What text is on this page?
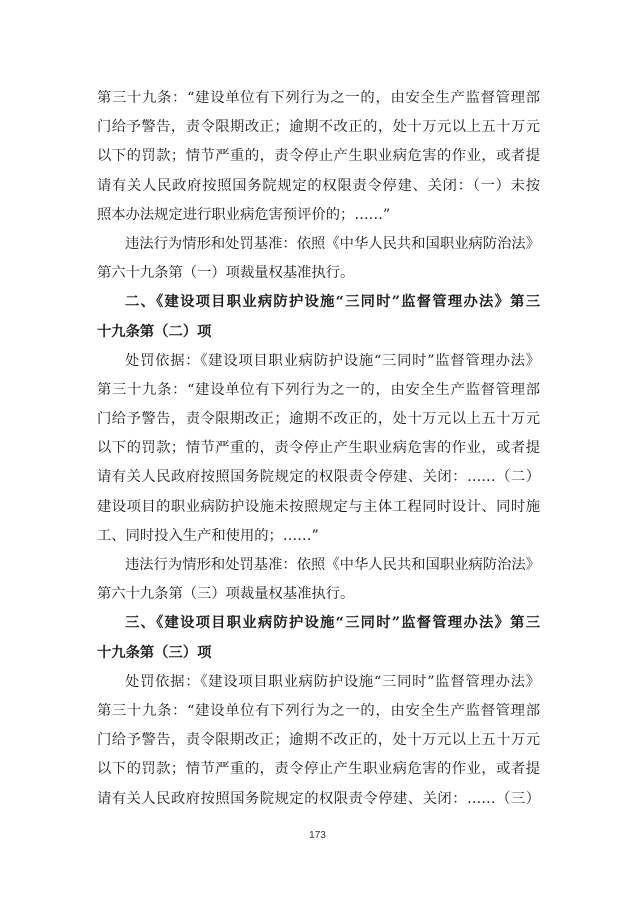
第三十九条：“建设单位有下列行为之一的，由安全生产监督管理部
门给予警告，责令限期改正；逾期不改正的，处十万元以上五十万元
以下的罚款；情节严重的，责令停止产生职业病危害的作业，或者提
请有关人民政府按照国务院规定的权限责令停建、关闭：（一）未按
照本办法规定进行职业病危害预评价的；……”
违法行为情形和处罚基准：依照《中华人民共和国职业病防治法》
第六十九条第（一）项裁量权基准执行。
二、《建设项目职业病防护设施“三同时”监督管理办法》第三
十九条第（二）项
处罚依据：《建设项目职业病防护设施“三同时”监督管理办法》
第三十九条：“建设单位有下列行为之一的，由安全生产监督管理部
门给予警告，责令限期改正；逾期不改正的，处十万元以上五十万元
以下的罚款；情节严重的，责令停止产生职业病危害的作业，或者提
请有关人民政府按照国务院规定的权限责令停建、关闭：……（二）
建设项目的职业病防护设施未按照规定与主体工程同时设计、同时施
工、同时投入生产和使用的；……”
违法行为情形和处罚基准：依照《中华人民共和国职业病防治法》
第六十九条第（三）项裁量权基准执行。
三、《建设项目职业病防护设施“三同时”监督管理办法》第三
十九条第（三）项
处罚依据：《建设项目职业病防护设施“三同时”监督管理办法》
第三十九条：“建设单位有下列行为之一的，由安全生产监督管理部
门给予警告，责令限期改正；逾期不改正的，处十万元以上五十万元
以下的罚款；情节严重的，责令停止产生职业病危害的作业，或者提
请有关人民政府按照国务院规定的权限责令停建、关闭：……（三）
173
